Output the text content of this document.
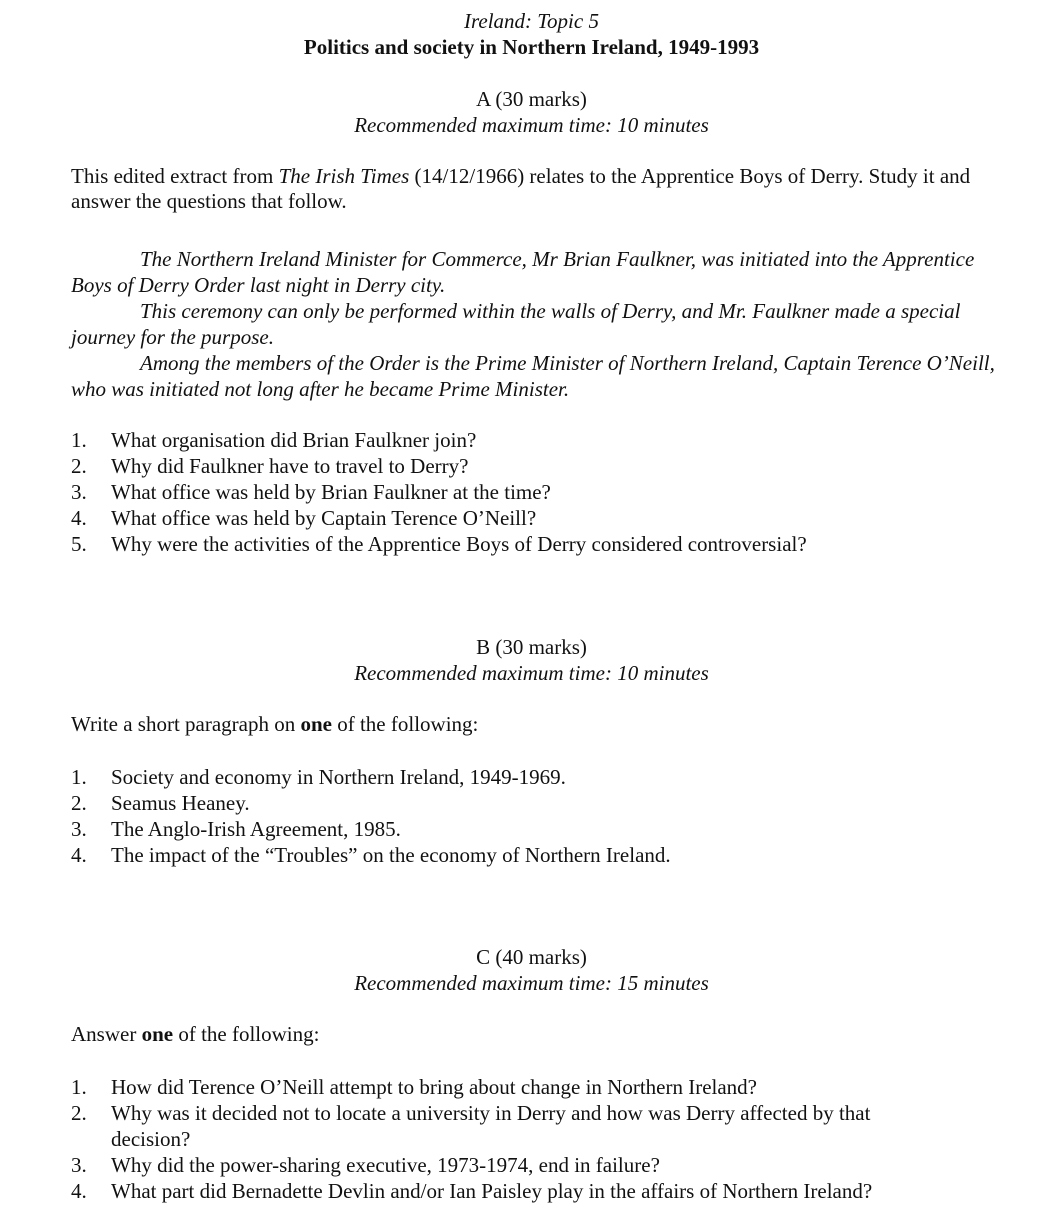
Ireland: Topic 5
Politics and society in Northern Ireland, 1949-1993
A (30 marks)
Recommended maximum time: 10 minutes

This edited extract from The Irish Times (14/12/1966) relates to the Apprentice Boys of Derry. Study it and answer the questions that follow.

The Northern Ireland Minister for Commerce, Mr Brian Faulkner, was initiated into the Apprentice Boys of Derry Order last night in Derry city.

This ceremony can only be performed within the walls of Derry, and Mr. Faulkner made a special journey for the purpose.

Among the members of the Order is the Prime Minister of Northern Ireland, Captain Terence O’Neill, who was initiated not long after he became Prime Minister.

1. What organisation did Brian Faulkner join?
2. Why did Faulkner have to travel to Derry?
3. What office was held by Brian Faulkner at the time?
4. What office was held by Captain Terence O’Neill?
5. Why were the activities of the Apprentice Boys of Derry considered controversial?
B (30 marks)
Recommended maximum time: 10 minutes

Write a short paragraph on one of the following:

1. Society and economy in Northern Ireland, 1949-1969.
2. Seamus Heaney.
3. The Anglo-Irish Agreement, 1985.
4. The impact of the “Troubles” on the economy of Northern Ireland.
C (40 marks)
Recommended maximum time: 15 minutes

Answer one of the following:

1. How did Terence O’Neill attempt to bring about change in Northern Ireland?
2. Why was it decided not to locate a university in Derry and how was Derry affected by that decision?
3. Why did the power-sharing executive, 1973-1974, end in failure?
4. What part did Bernadette Devlin and/or Ian Paisley play in the affairs of Northern Ireland?
